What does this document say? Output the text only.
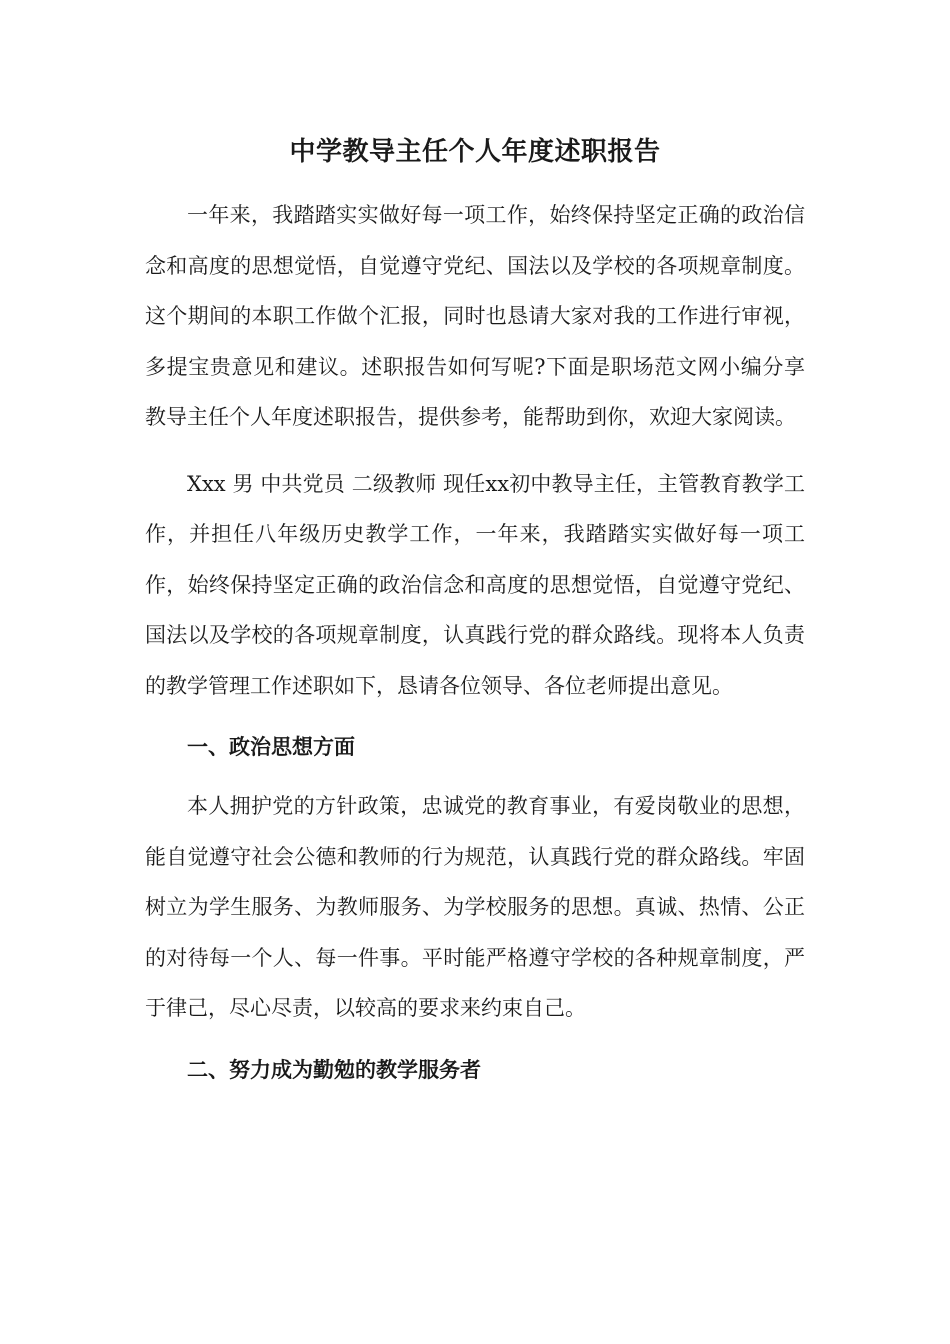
中学教导主任个人年度述职报告

一年来，我踏踏实实做好每一项工作，始终保持坚定正确的政治信念和高度的思想觉悟，自觉遵守党纪、国法以及学校的各项规章制度。这个期间的本职工作做个汇报，同时也恳请大家对我的工作进行审视，多提宝贵意见和建议。述职报告如何写呢?下面是职场范文网小编分享教导主任个人年度述职报告，提供参考，能帮助到你，欢迎大家阅读。

Xxx 男 中共党员 二级教师 现任xx初中教导主任，主管教育教学工作，并担任八年级历史教学工作，一年来，我踏踏实实做好每一项工作，始终保持坚定正确的政治信念和高度的思想觉悟，自觉遵守党纪、国法以及学校的各项规章制度，认真践行党的群众路线。现将本人负责的教学管理工作述职如下，恳请各位领导、各位老师提出意见。

一、政治思想方面

本人拥护党的方针政策，忠诚党的教育事业，有爱岗敬业的思想，能自觉遵守社会公德和教师的行为规范，认真践行党的群众路线。牢固树立为学生服务、为教师服务、为学校服务的思想。真诚、热情、公正的对待每一个人、每一件事。平时能严格遵守学校的各种规章制度，严于律己，尽心尽责，以较高的要求来约束自己。

二、努力成为勤勉的教学服务者
